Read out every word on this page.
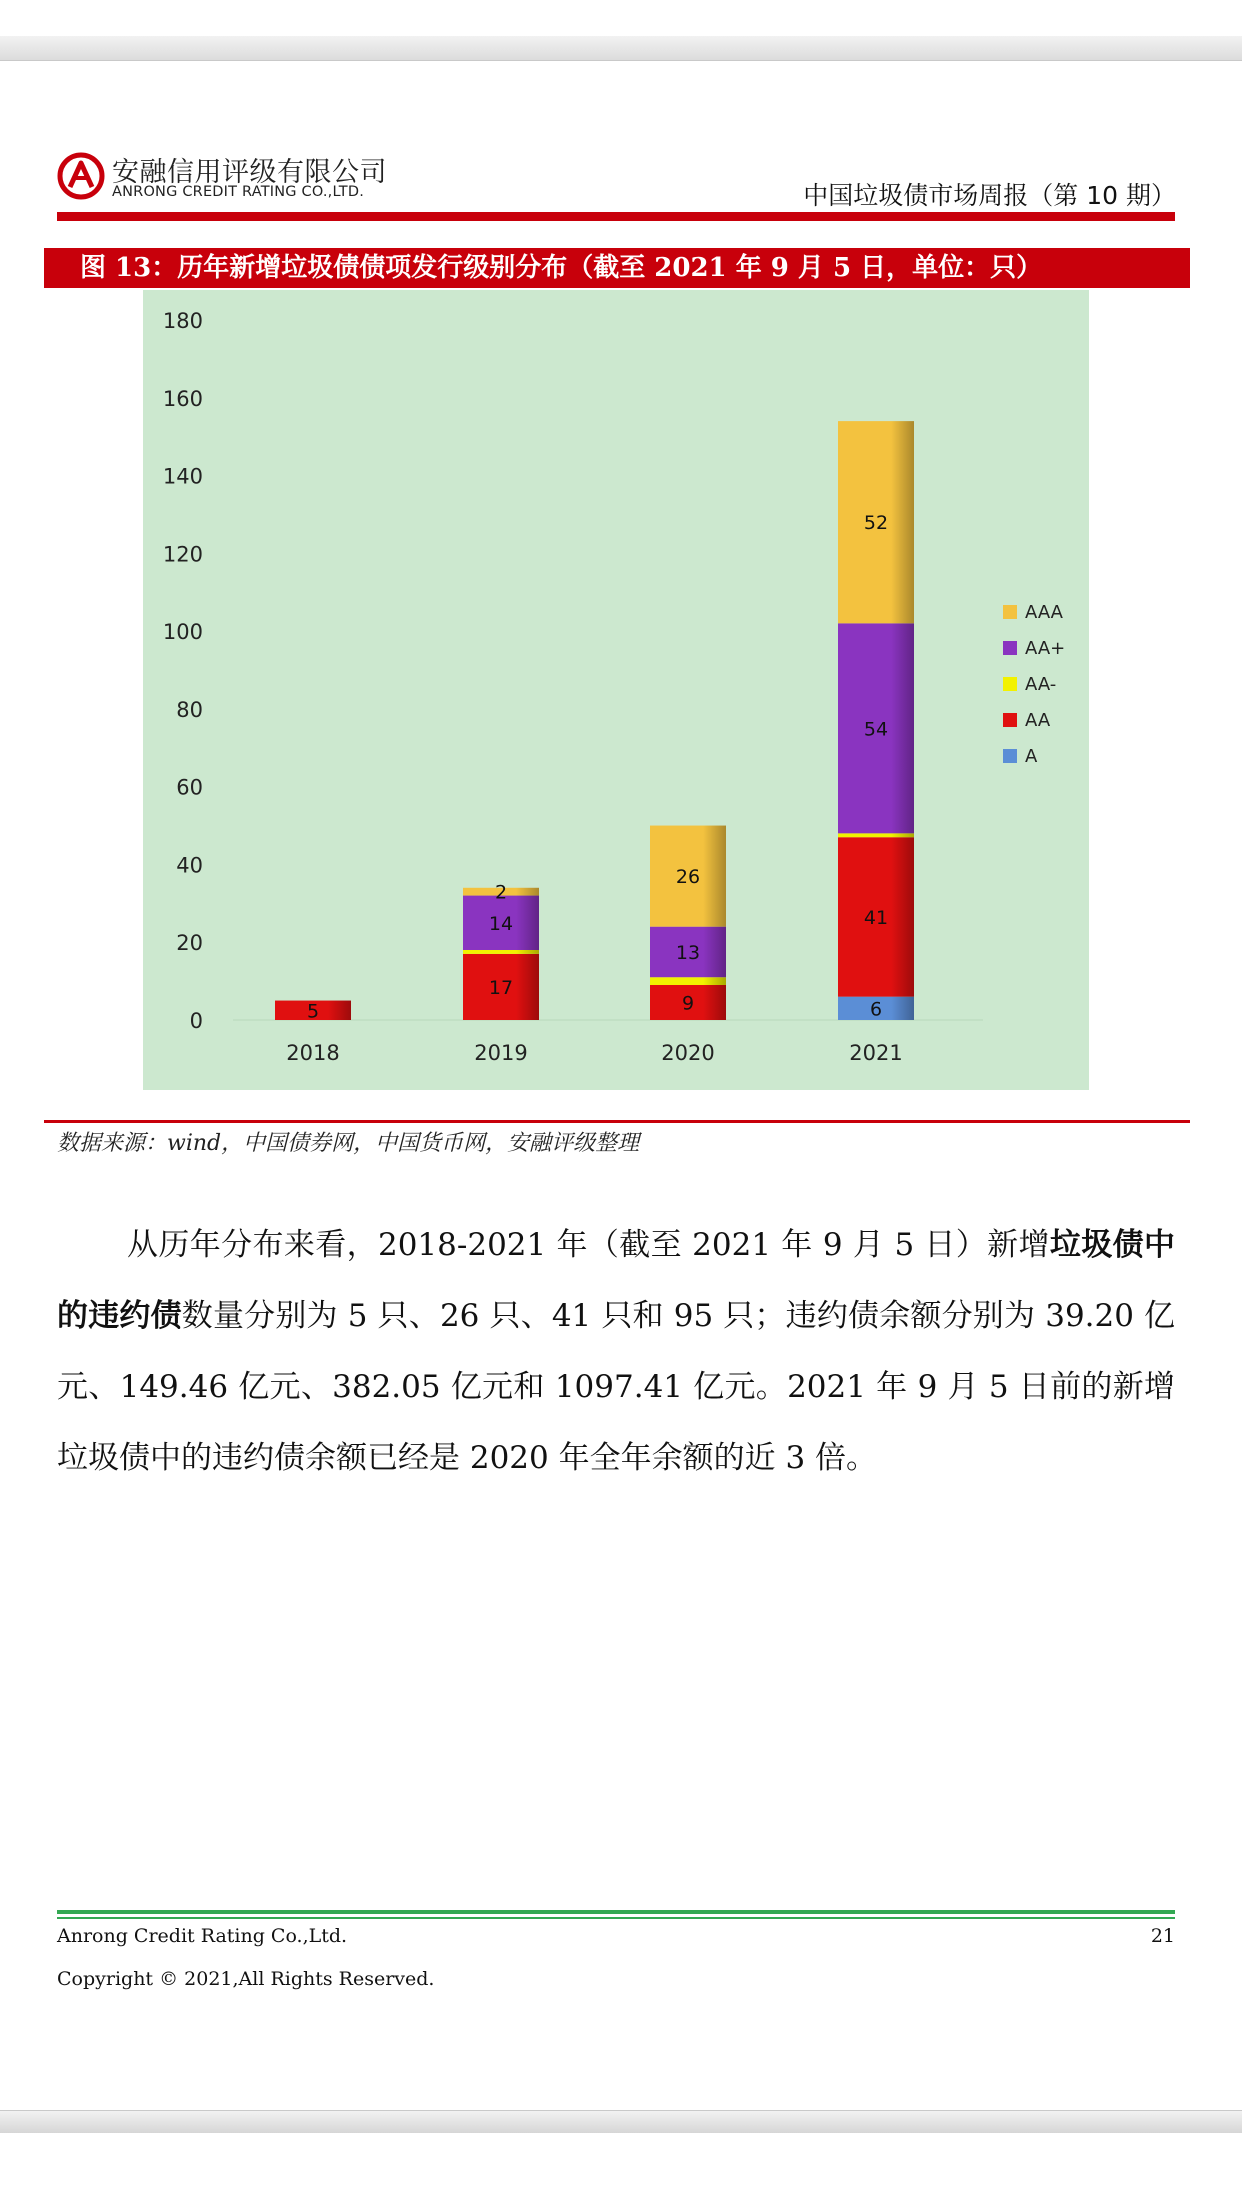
安融信用评级有限公司
ANRONG CREDIT RATING CO.,LTD.	中国垃圾债市场周报（第 10 期）
图 13：历年新增垃圾债债项发行级别分布（截至 2021 年 9 月 5 日，单位：只）
0
20
40
60
80
100
120
140
160
180
2018	2019	2020	2021
5
17
14
2
9
13
26
6
41
54
52
AAA
AA+
AA-
AA
A
数据来源：wind，中国债券网，中国货币网，安融评级整理

从历年分布来看，2018-2021 年（截至 2021 年 9 月 5 日）新增垃圾债中的违约债数量分别为 5 只、26 只、41 只和 95 只；违约债余额分别为 39.20 亿元、149.46 亿元、382.05 亿元和 1097.41 亿元。2021 年 9 月 5 日前的新增垃圾债中的违约债余额已经是 2020 年全年余额的近 3 倍。

Anrong Credit Rating Co.,Ltd.
Copyright © 2021,All Rights Reserved.
21
